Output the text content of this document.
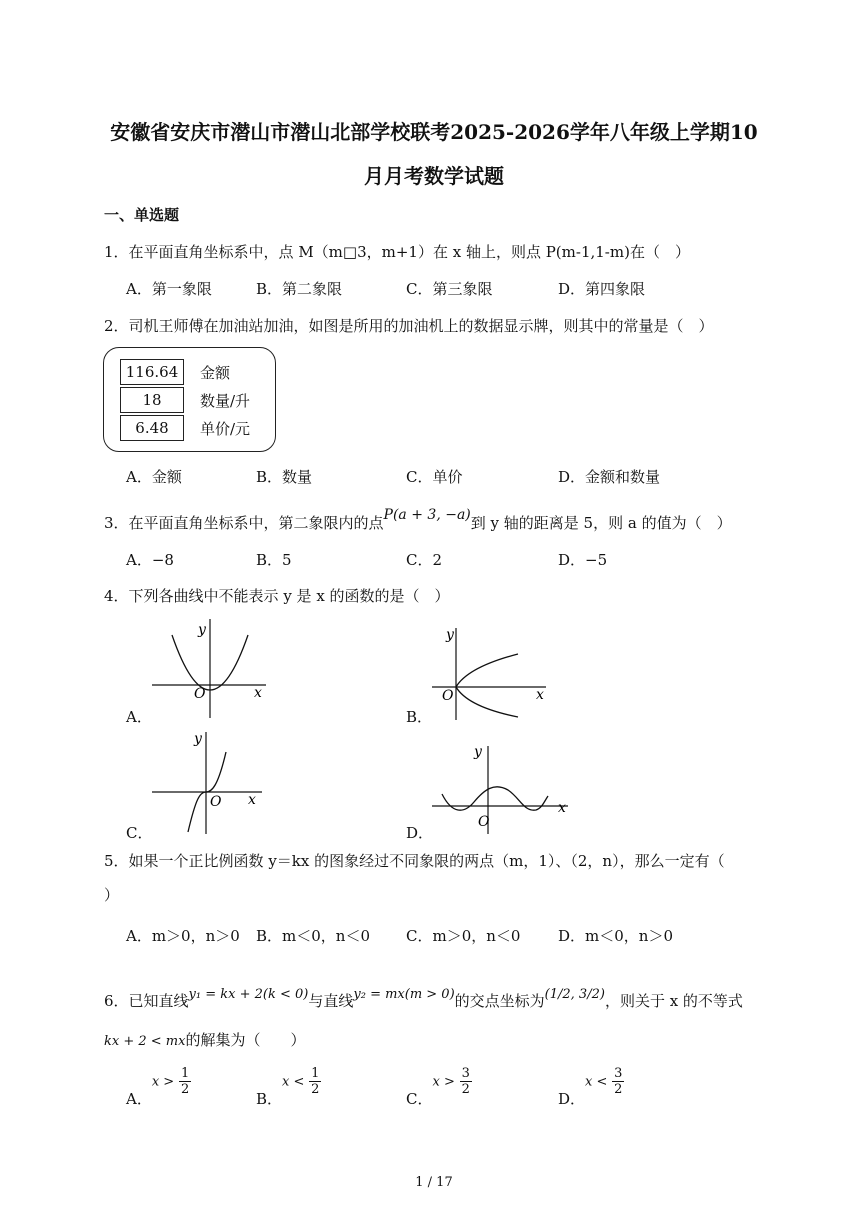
安徽省安庆市潜山市潜山北部学校联考2025-2026学年八年级上学期10
月月考数学试题
一、单选题
1．在平面直角坐标系中，点 M（m□3，m+1）在 x 轴上，则点 P(m-1,1-m)在（　）
A．第一象限	B．第二象限	C．第三象限	D．第四象限
2．司机王师傅在加油站加油，如图是所用的加油机上的数据显示牌，则其中的常量是（　）
116.64	金额
18	数量/升
6.48	单价/元
A．金额	B．数量	C．单价	D．金额和数量
3．在平面直角坐标系中，第二象限内的点P(a + 3, −a)到 y 轴的距离是 5，则 a 的值为（　）
A．−8	B．5	C．2	D．−5
4．下列各曲线中不能表示 y 是 x 的函数的是（　）
A．
y
x
O
B．
y
x
O
C．
y
x
O
D．
y
x
O
5．如果一个正比例函数 y＝kx 的图象经过不同象限的两点（m，1）、（2，n），那么一定有（
）
A．m＞0，n＞0 B．m＜0，n＜0 C．m＞0，n＜0	D．m＜0，n＞0
6．已知直线y₁ = kx + 2(k < 0)与直线y₂ = mx(m > 0)的交点坐标为(1/2, 3/2)，则关于 x 的不等式
kx + 2 < mx的解集为（　　）
A．$x > \frac{1}{2}$
B．$x < \frac{1}{2}$
C．$x > \frac{3}{2}$
D．$x < \frac{3}{2}$
1 / 17
